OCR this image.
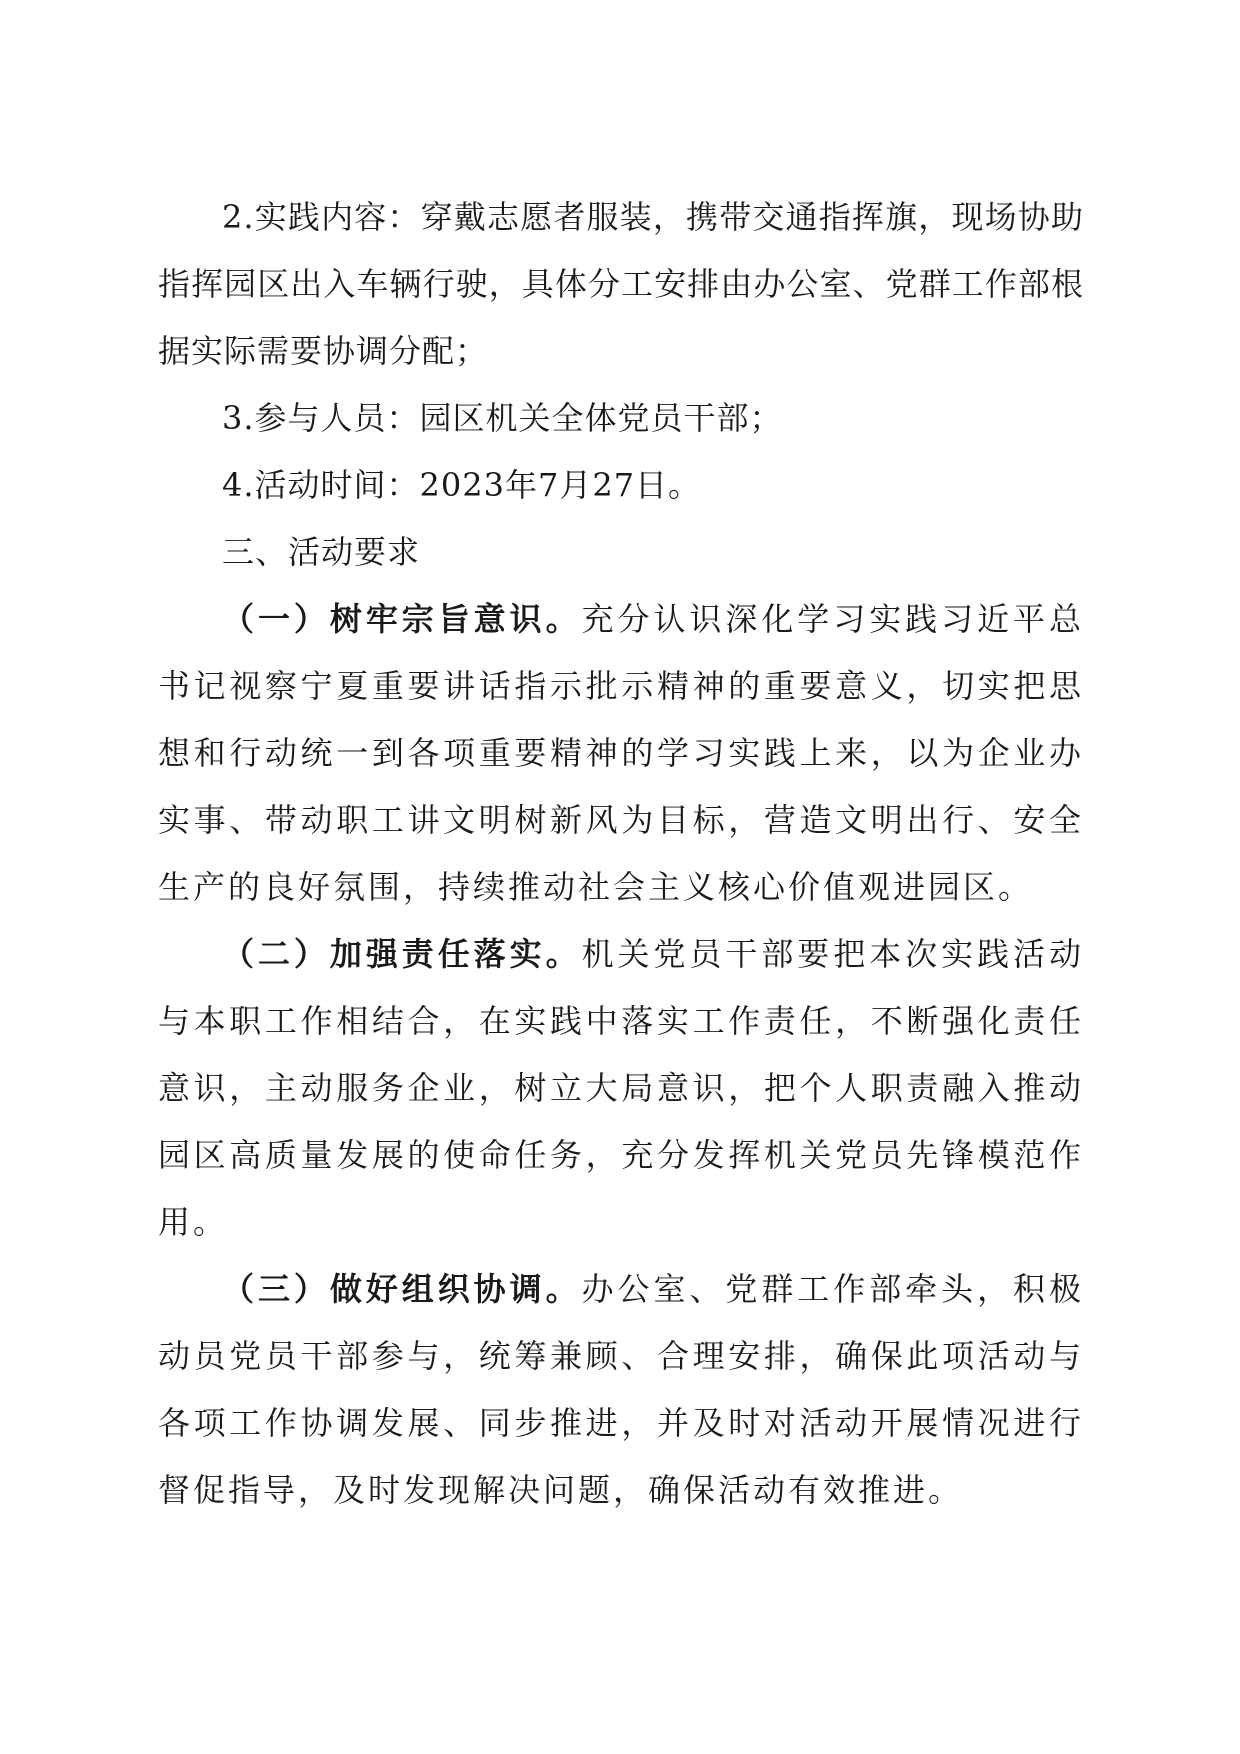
2.实践内容：穿戴志愿者服装，携带交通指挥旗，现场协助指挥园区出入车辆行驶，具体分工安排由办公室、党群工作部根据实际需要协调分配；

3.参与人员：园区机关全体党员干部；

4.活动时间：2023年7月27日。

三、活动要求

（一）树牢宗旨意识。充分认识深化学习实践习近平总书记视察宁夏重要讲话指示批示精神的重要意义，切实把思想和行动统一到各项重要精神的学习实践上来，以为企业办实事、带动职工讲文明树新风为目标，营造文明出行、安全生产的良好氛围，持续推动社会主义核心价值观进园区。

（二）加强责任落实。机关党员干部要把本次实践活动与本职工作相结合，在实践中落实工作责任，不断强化责任意识，主动服务企业，树立大局意识，把个人职责融入推动园区高质量发展的使命任务，充分发挥机关党员先锋模范作用。

（三）做好组织协调。办公室、党群工作部牵头，积极动员党员干部参与，统筹兼顾、合理安排，确保此项活动与各项工作协调发展、同步推进，并及时对活动开展情况进行督促指导，及时发现解决问题，确保活动有效推进。
